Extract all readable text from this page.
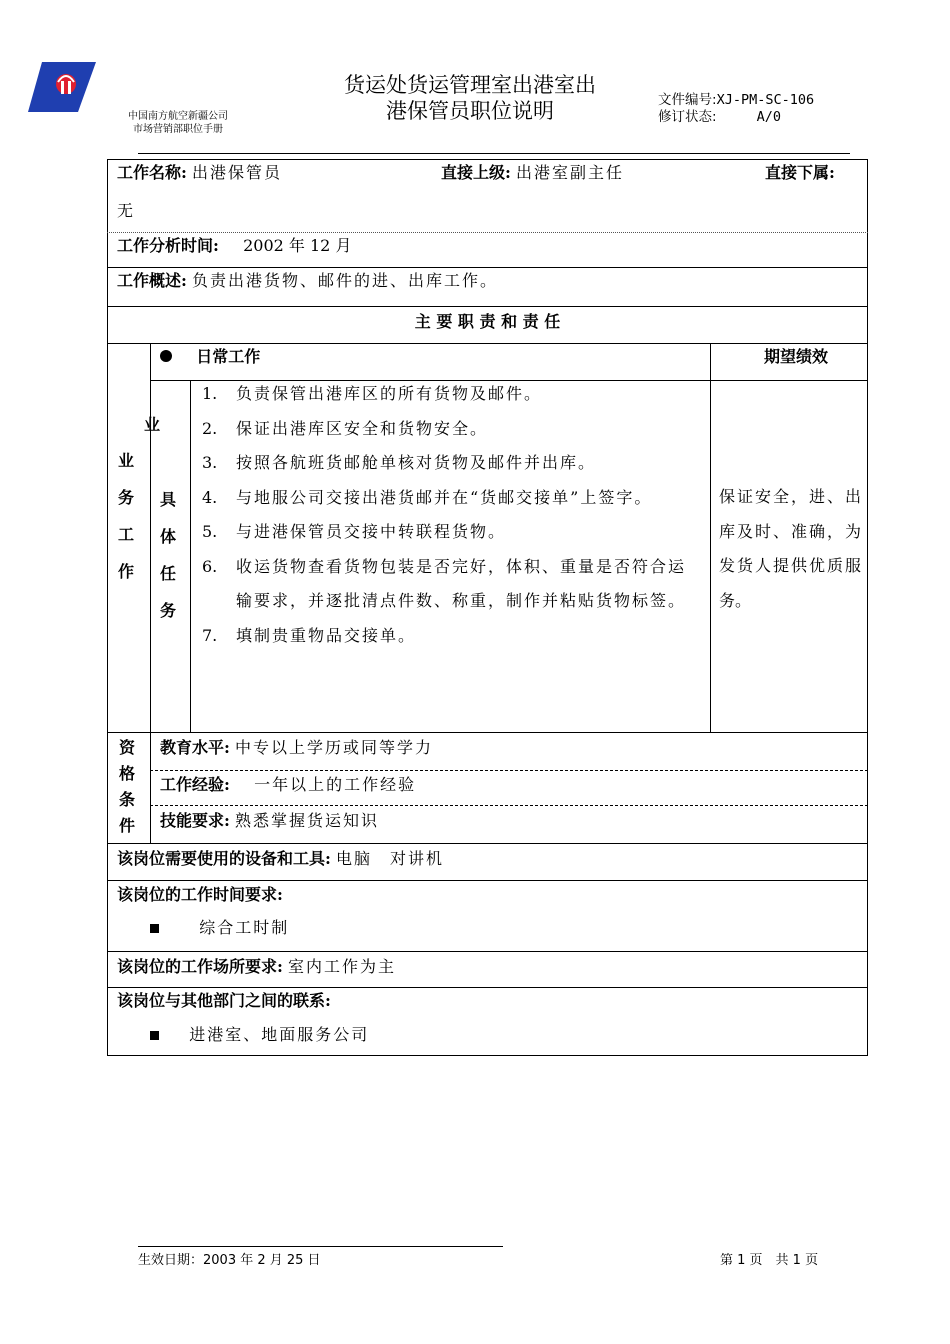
中国南方航空新疆公司
市场营销部职位手册
货运处货运管理室出港室出
港保管员职位说明	文件编号:XJ-PM-SC-106
修订状态:	A/0
工作名称: 出港保管员	直接上级: 出港室副主任	直接下属:
无
工作分析时间: 2002 年 12 月
工作概述: 负责出港货物、邮件的进、出库工作。
主 要 职 责 和 责 任
日常工作	期望绩效
业
务
工
作
业
具
体
任
务
1.	负责保管出港库区的所有货物及邮件。
2.	保证出港库区安全和货物安全。
3.	按照各航班货邮舱单核对货物及邮件并出库。
4.	与地服公司交接出港货邮并在“货邮交接单”上签字。
5.	与进港保管员交接中转联程货物。
6.	收运货物查看货物包装是否完好，体积、重量是否符合运输要求，并逐批清点件数、称重，制作并粘贴货物标签。
7.	填制贵重物品交接单。
保证安全，进、出库及时、准确，为发货人提供优质服务。
资
格
条
件
教育水平: 中专以上学历或同等学力
工作经验: 一年以上的工作经验
技能要求: 熟悉掌握货运知识
该岗位需要使用的设备和工具: 电脑　对讲机
该岗位的工作时间要求:
综合工时制
该岗位的工作场所要求: 室内工作为主
该岗位与其他部门之间的联系:
进港室、地面服务公司
生效日期：2003 年 2 月 25 日	第 1 页　共 1 页
